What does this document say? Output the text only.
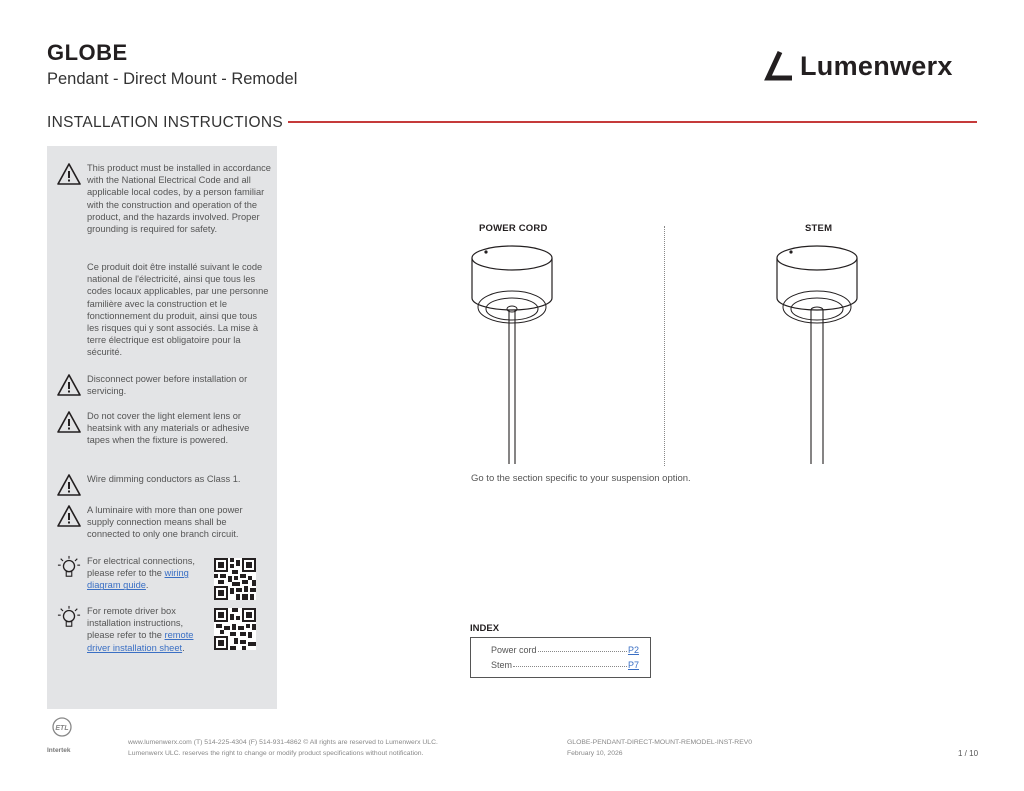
GLOBE
Pendant - Direct Mount - Remodel	Lumenwerx
INSTALLATION INSTRUCTIONS
This product must be installed in accordance with the National Electrical Code and all applicable local codes, by a person familiar with the construction and operation of the product, and the hazards involved. Proper grounding is required for safety.
Ce produit doit être installé suivant le code national de l'électricité, ainsi que tous les codes locaux applicables, par une personne familière avec la construction et le fonctionnement du produit, ainsi que tous les risques qui y sont associés. La mise à terre électrique est obligatoire pour la sécurité.
Disconnect power before installation or servicing.
Do not cover the light element lens or heatsink with any materials or adhesive tapes when the fixture is powered.
Wire dimming conductors as Class 1.
A luminaire with more than one power supply connection means shall be connected to only one branch circuit.
For electrical connections, please refer to the wiring diagram guide.
For remote driver box installation instructions, please refer to the remote driver installation sheet.
POWER CORD	STEM
Go to the section specific to your suspension option.
INDEX
Power cord	P2
Stem	P7
ETL
Intertek
www.lumenwerx.com (T) 514-225-4304 (F) 514-931-4862 © All rights are reserved to Lumenwerx ULC.
Lumenwerx ULC. reserves the right to change or modify product specifications without notification.
GLOBE-PENDANT-DIRECT-MOUNT-REMODEL-INST-REV0
February 10, 2026	1 / 10
